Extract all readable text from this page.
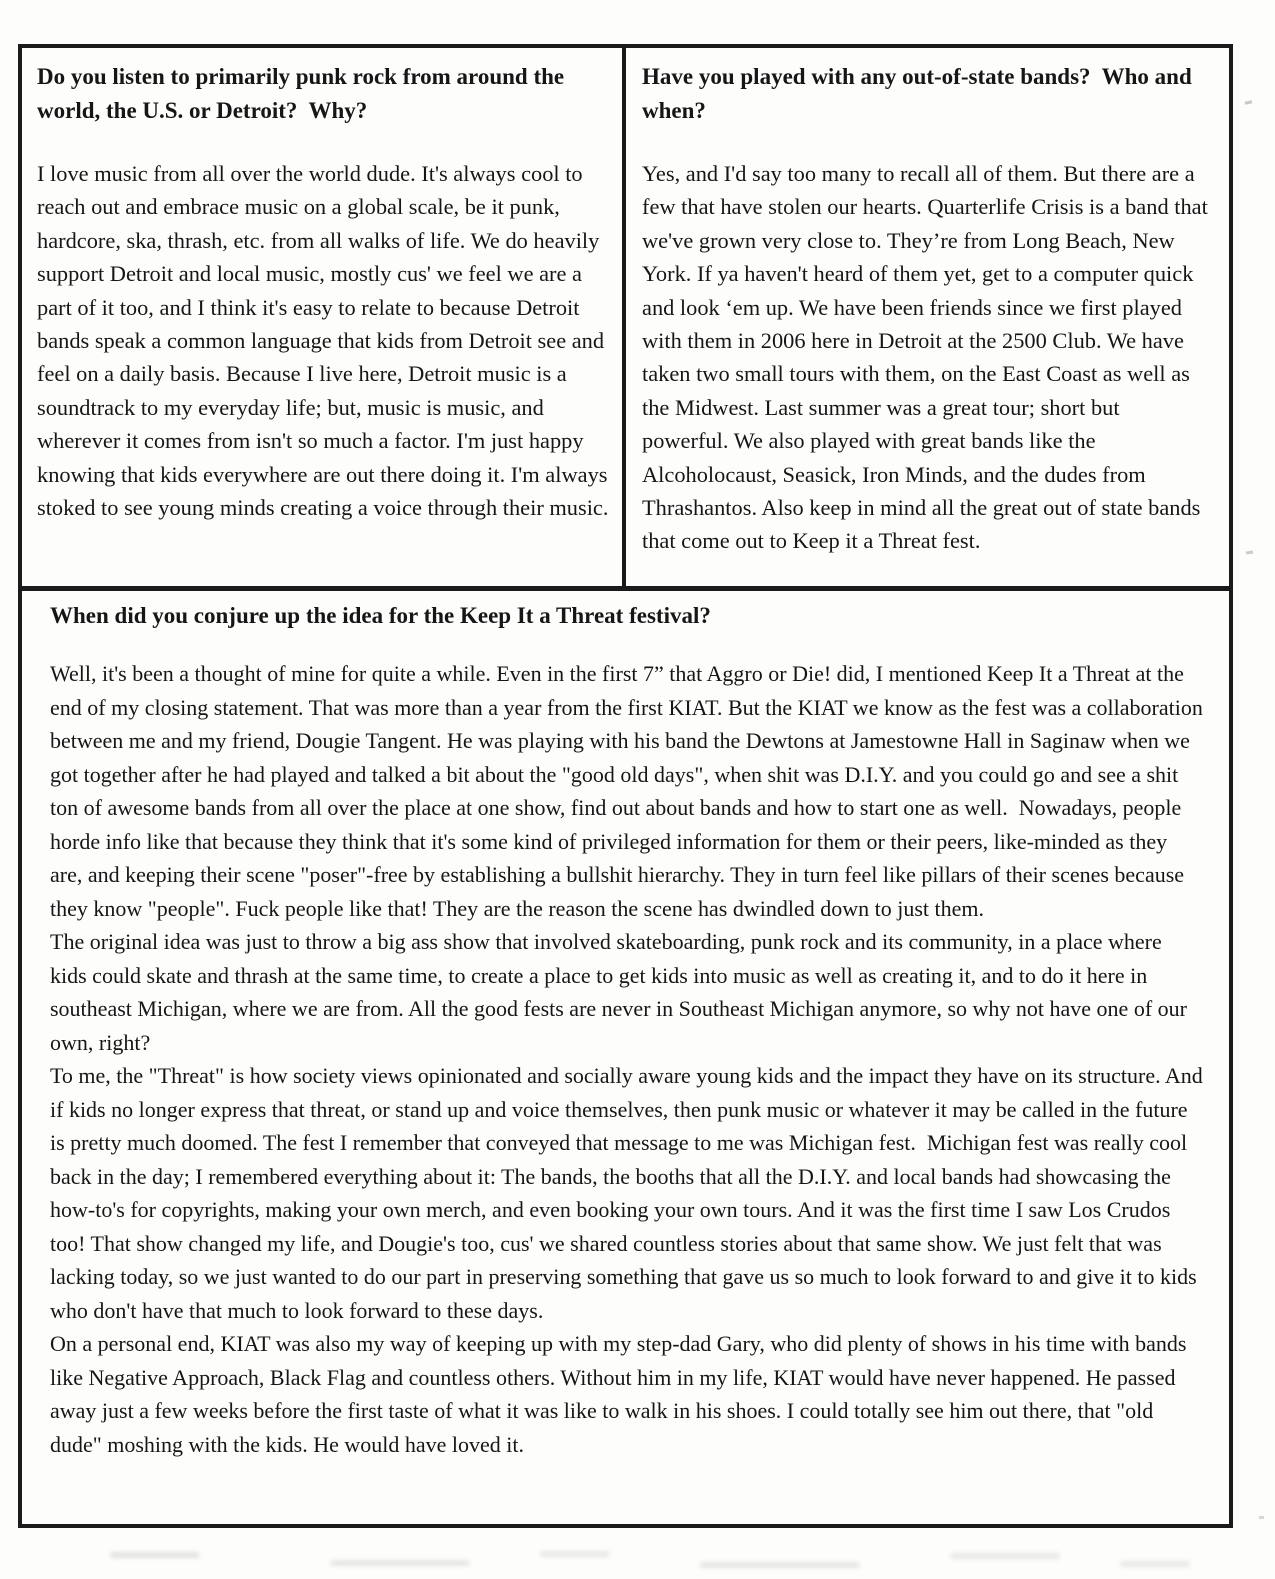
Do you listen to primarily punk rock from around the world, the U.S. or Detroit?  Why?

I love music from all over the world dude. It's always cool to reach out and embrace music on a global scale, be it punk, hardcore, ska, thrash, etc. from all walks of life. We do heavily support Detroit and local music, mostly cus' we feel we are a part of it too, and I think it's easy to relate to because Detroit bands speak a common language that kids from Detroit see and feel on a daily basis. Because I live here, Detroit music is a soundtrack to my everyday life; but, music is music, and wherever it comes from isn't so much a factor. I'm just happy knowing that kids everywhere are out there doing it. I'm always stoked to see young minds creating a voice through their music.

Have you played with any out-of-state bands?  Who and when?

Yes, and I'd say too many to recall all of them. But there are a few that have stolen our hearts. Quarterlife Crisis is a band that we've grown very close to. They’re from Long Beach, New York. If ya haven't heard of them yet, get to a computer quick and look ‘em up. We have been friends since we first played with them in 2006 here in Detroit at the 2500 Club. We have taken two small tours with them, on the East Coast as well as the Midwest. Last summer was a great tour; short but powerful. We also played with great bands like the Alcoholocaust, Seasick, Iron Minds, and the dudes from Thrashantos. Also keep in mind all the great out of state bands that come out to Keep it a Threat fest.

When did you conjure up the idea for the Keep It a Threat festival?

Well, it's been a thought of mine for quite a while. Even in the first 7” that Aggro or Die! did, I mentioned Keep It a Threat at the end of my closing statement. That was more than a year from the first KIAT. But the KIAT we know as the fest was a collaboration between me and my friend, Dougie Tangent. He was playing with his band the Dewtons at Jamestowne Hall in Saginaw when we got together after he had played and talked a bit about the "good old days", when shit was D.I.Y. and you could go and see a shit ton of awesome bands from all over the place at one show, find out about bands and how to start one as well.  Nowadays, people horde info like that because they think that it's some kind of privileged information for them or their peers, like-minded as they are, and keeping their scene "poser"-free by establishing a bullshit hierarchy. They in turn feel like pillars of their scenes because they know "people". Fuck people like that! They are the reason the scene has dwindled down to just them.

The original idea was just to throw a big ass show that involved skateboarding, punk rock and its community, in a place where kids could skate and thrash at the same time, to create a place to get kids into music as well as creating it, and to do it here in southeast Michigan, where we are from. All the good fests are never in Southeast Michigan anymore, so why not have one of our own, right?

To me, the "Threat" is how society views opinionated and socially aware young kids and the impact they have on its structure. And if kids no longer express that threat, or stand up and voice themselves, then punk music or whatever it may be called in the future is pretty much doomed. The fest I remember that conveyed that message to me was Michigan fest.  Michigan fest was really cool back in the day; I remembered everything about it: The bands, the booths that all the D.I.Y. and local bands had showcasing the how-to's for copyrights, making your own merch, and even booking your own tours. And it was the first time I saw Los Crudos too! That show changed my life, and Dougie's too, cus' we shared countless stories about that same show. We just felt that was lacking today, so we just wanted to do our part in preserving something that gave us so much to look forward to and give it to kids who don't have that much to look forward to these days.

On a personal end, KIAT was also my way of keeping up with my step-dad Gary, who did plenty of shows in his time with bands like Negative Approach, Black Flag and countless others. Without him in my life, KIAT would have never happened. He passed away just a few weeks before the first taste of what it was like to walk in his shoes. I could totally see him out there, that "old dude" moshing with the kids. He would have loved it.
